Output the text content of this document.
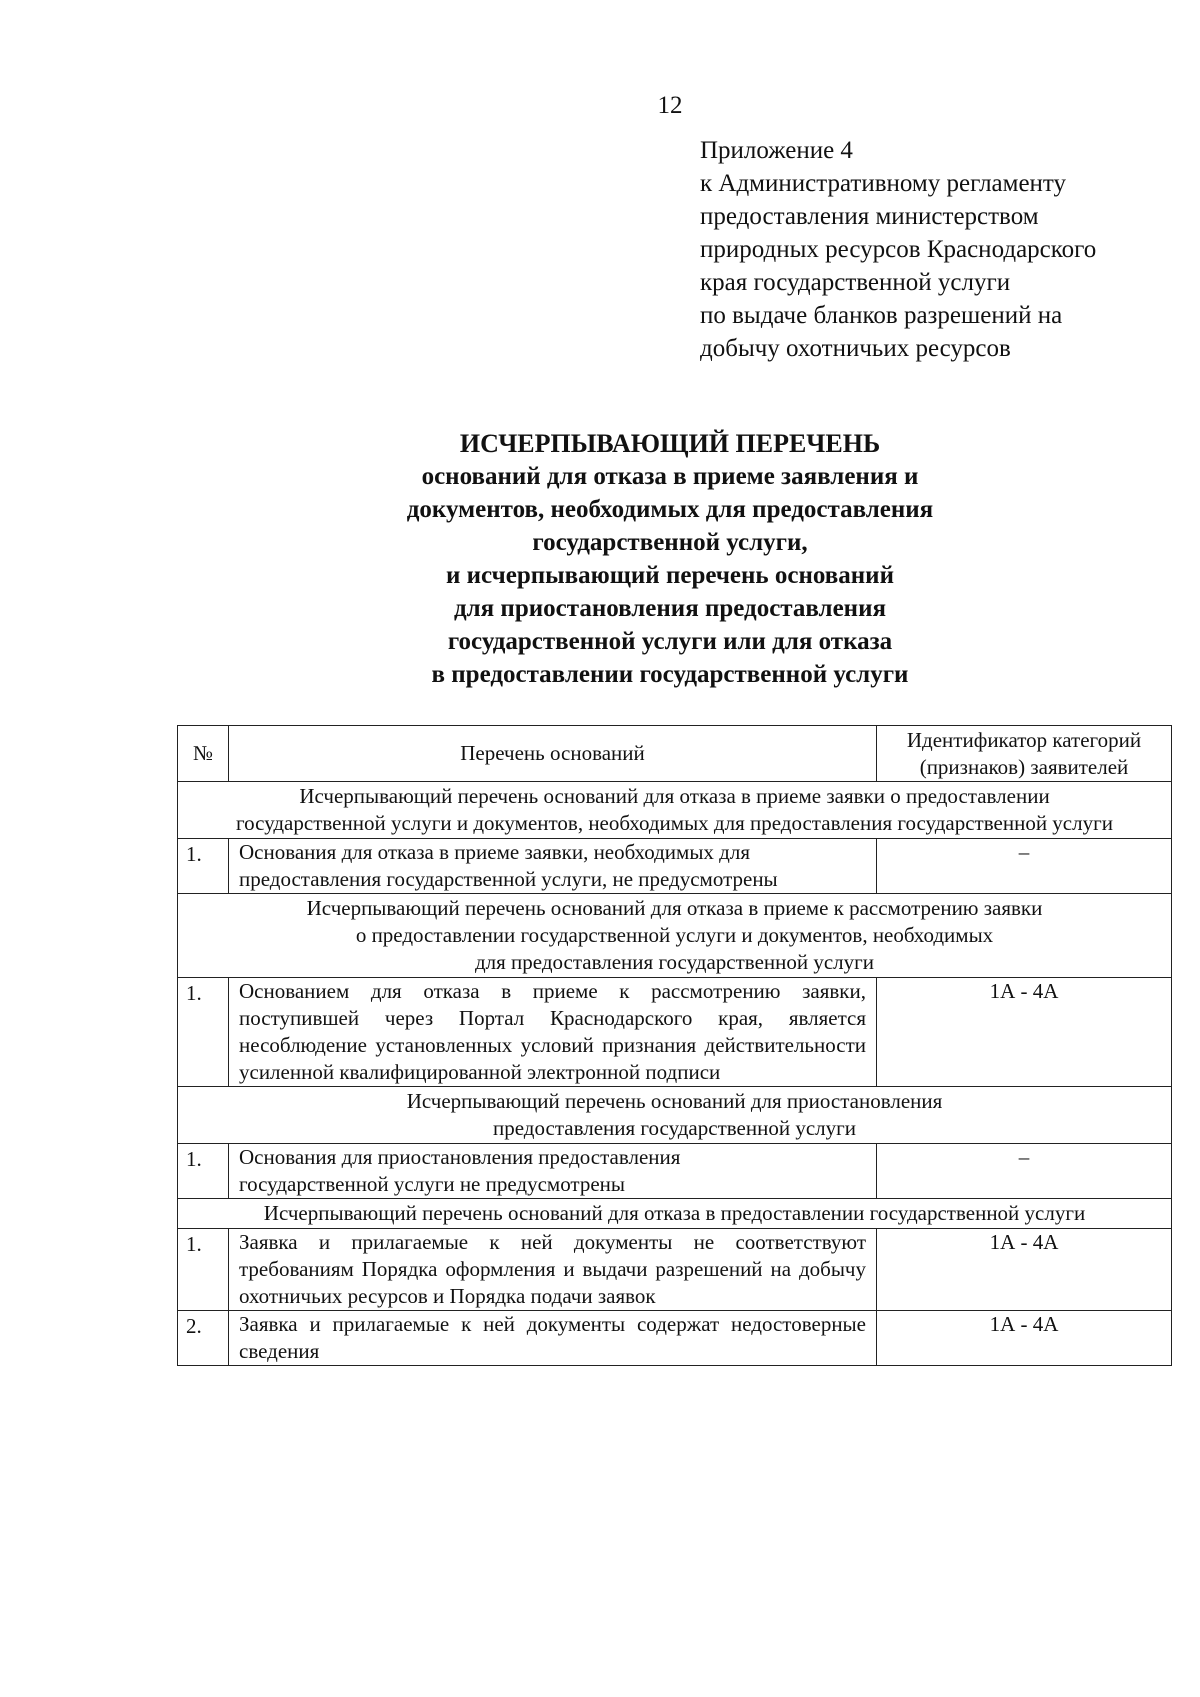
12
Приложение 4
к Административному регламенту
предоставления министерством
природных ресурсов Краснодарского
края государственной услуги
по выдаче бланков разрешений на
добычу охотничьих ресурсов
ИСЧЕРПЫВАЮЩИЙ ПЕРЕЧЕНЬ
оснований для отказа в приеме заявления и
документов, необходимых для предоставления
государственной услуги,
и исчерпывающий перечень оснований
для приостановления предоставления
государственной услуги или для отказа
в предоставлении государственной услуги
№	Перечень оснований	Идентификатор категорий
(признаков) заявителей

Исчерпывающий перечень оснований для отказа в приеме заявки о предоставлении
государственной услуги и документов, необходимых для предоставления государственной услуги		

1.	Основания для отказа в приеме заявки, необходимых для предоставления государственной услуги, не предусмотрены	–

Исчерпывающий перечень оснований для отказа в приеме к рассмотрению заявки
о предоставлении государственной услуги и документов, необходимых
для предоставления государственной услуги		

1.	Основанием для отказа в приеме к рассмотрению заявки, поступившей через Портал Краснодарского края, является несоблюдение установленных условий признания действительности усиленной квалифицированной электронной подписи	1А - 4А

Исчерпывающий перечень оснований для приостановления
предоставления государственной услуги		

1.	Основания для приостановления предоставления государственной услуги не предусмотрены	–

Исчерпывающий перечень оснований для отказа в предоставлении государственной услуги		

1.	Заявка и прилагаемые к ней документы не соответствуют требованиям Порядка оформления и выдачи разрешений на добычу охотничьих ресурсов и Порядка подачи заявок	1А - 4А
2.	Заявка и прилагаемые к ней документы содержат недостоверные сведения	1А - 4А
